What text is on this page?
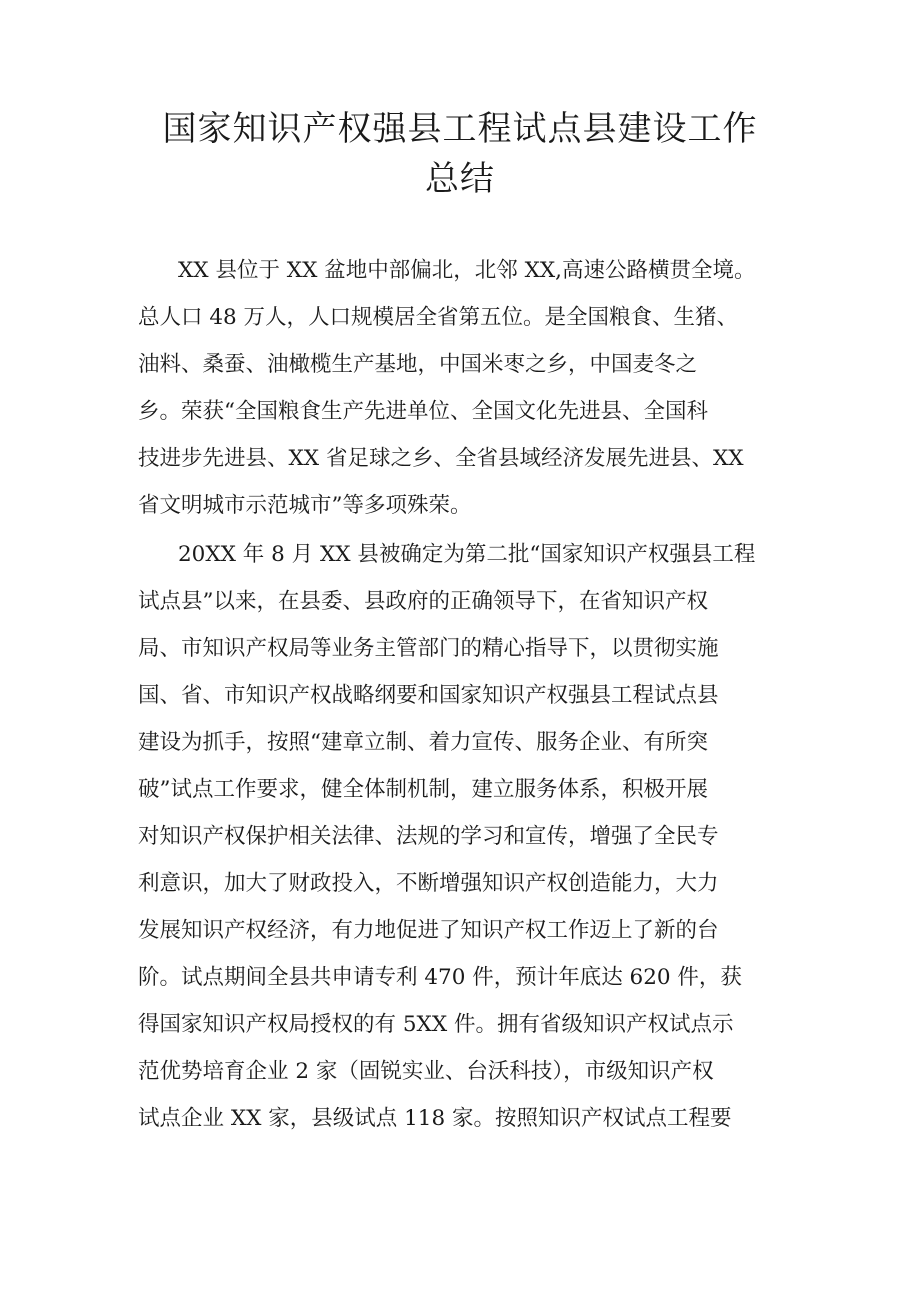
国家知识产权强县工程试点县建设工作
总结
XX 县位于 XX 盆地中部偏北，北邻 XX,高速公路横贯全境。
总人口 48 万人，人口规模居全省第五位。是全国粮食、生猪、
油料、桑蚕、油橄榄生产基地，中国米枣之乡，中国麦冬之
乡。荣获“全国粮食生产先进单位、全国文化先进县、全国科
技进步先进县、XX 省足球之乡、全省县域经济发展先进县、XX
省文明城市示范城市”等多项殊荣。
20XX 年 8 月 XX 县被确定为第二批“国家知识产权强县工程
试点县”以来，在县委、县政府的正确领导下，在省知识产权
局、市知识产权局等业务主管部门的精心指导下，以贯彻实施
国、省、市知识产权战略纲要和国家知识产权强县工程试点县
建设为抓手，按照“建章立制、着力宣传、服务企业、有所突
破”试点工作要求，健全体制机制，建立服务体系，积极开展
对知识产权保护相关法律、法规的学习和宣传，增强了全民专
利意识，加大了财政投入，不断增强知识产权创造能力，大力
发展知识产权经济，有力地促进了知识产权工作迈上了新的台
阶。试点期间全县共申请专利 470 件，预计年底达 620 件，获
得国家知识产权局授权的有 5XX 件。拥有省级知识产权试点示
范优势培育企业 2 家（固锐实业、台沃科技），市级知识产权
试点企业 XX 家，县级试点 118 家。按照知识产权试点工程要
